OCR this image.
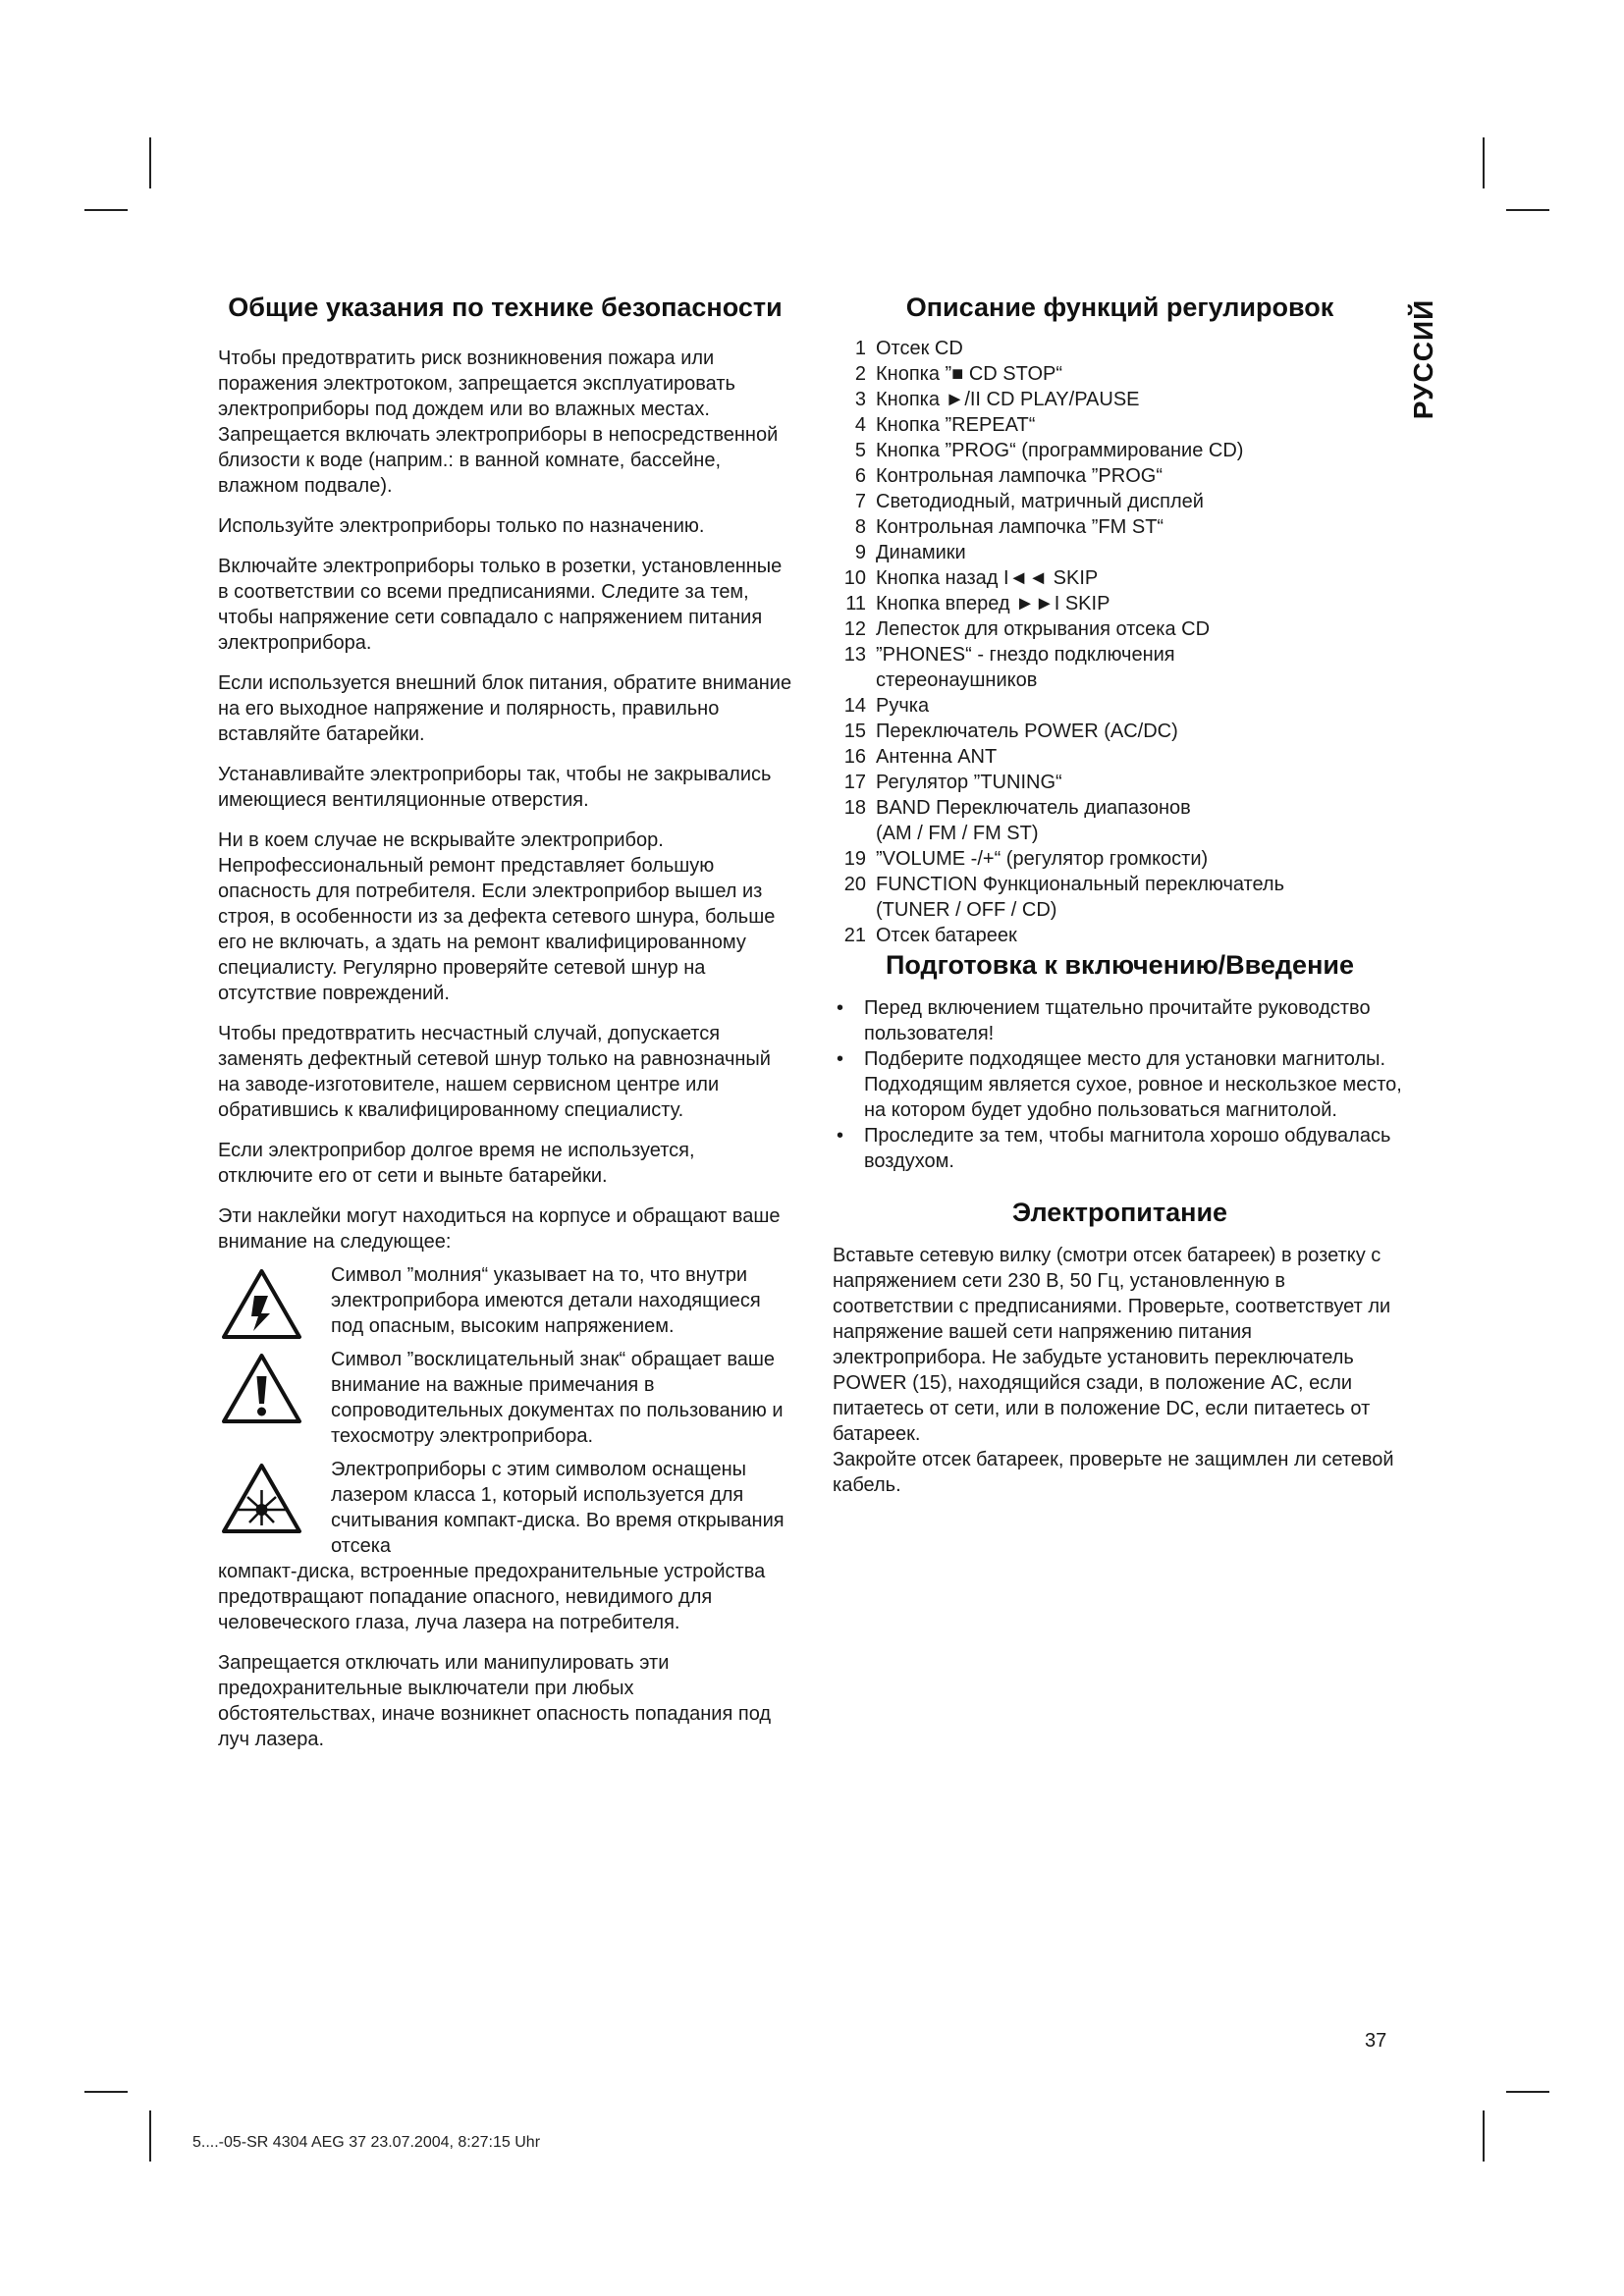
РУССИЙ
Общие указания по технике безопасности

Чтобы предотвратить риск возникновения пожара или поражения электротоком, запрещается эксплуатировать электроприборы под дождем или во влажных местах. Запрещается включать электроприборы в непосредственной близости к воде (наприм.: в ванной комнате, бассейне, влажном подвале).

Используйте электроприборы только по назначению.

Включайте электроприборы только в розетки, установленные в соответствии со всеми предписаниями. Следите за тем, чтобы напряжение сети совпадало с напряжением питания электроприбора.

Если используется внешний блок питания, обратите внимание на его выходное напряжение и полярность, правильно вставляйте батарейки.

Устанавливайте электроприборы так, чтобы не закрывались имеющиеся вентиляционные отверстия.

Ни в коем случае не вскрывайте электроприбор. Непрофессиональный ремонт представляет большую опасность для потребителя. Если электроприбор вышел из строя, в особенности из за дефекта сетевого шнура, больше его не включать, а здать на ремонт квалифицированному специалисту. Регулярно проверяйте сетевой шнур на отсутствие повреждений.

Чтобы предотвратить несчастный случай, допускается заменять дефектный сетевой шнур только на равнозначный на заводе-изготовителе, нашем сервисном центре или обратившись к квалифицированному специалисту.

Если электроприбор долгое время не используется, отключите его от сети и выньте батарейки.

Эти наклейки могут находиться на корпусе и обращают ваше внимание на следующее:

Символ ”молния“ указывает на то, что внутри электроприбора имеются детали находящиеся под опасным, высоким напряжением.
Символ ”восклицательный знак“ обращает ваше внимание на важные примечания в сопроводительных документах по пользованию и техосмотру электроприбора.
Электроприборы с этим символом оснащены лазером класса 1, который используется для считывания компакт-диска. Во время открывания отсека

компакт-диска, встроенные предохранительные устройства предотвращают попадание опасного, невидимого для человеческого глаза, луча лазера на потребителя.

Запрещается отключать или манипулировать эти предохранительные выключатели при любых обстоятельствах, иначе возникнет опасность попадания под луч лазера.

Описание функций регулировок
1 Отсек CD
2 Кнопка ”■ CD STOP“
3 Кнопка ►/II CD PLAY/PAUSE
4 Кнопка ”REPEAT“
5 Кнопка ”PROG“ (программирование CD)
6 Контрольная лампочка ”PROG“
7 Светодиодный, матричный дисплей
8 Контрольная лампочка ”FM ST“
9 Динамики
10 Кнопка назад I◄◄ SKIP
11 Кнопка вперед ►►I SKIP
12 Лепесток для открывания отсека CD
13 ”PHONES“ - гнездо подключения
стереонаушников
14 Ручка
15 Переключатель POWER (AC/DC)
16 Антенна ANT
17 Регулятор ”TUNING“
18 BAND Переключатель диапазонов
(AM / FM / FM ST)
19 ”VOLUME -/+“ (регулятор громкости)
20 FUNCTION Функциональный переключатель
(TUNER / OFF / CD)
21 Отсек батареек
Подготовка к включению/Введение
• Перед включением тщательно прочитайте руководство пользователя!
• Подберите подходящее место для установки магнитолы. Подходящим является сухое, ровное и нескользкое место, на котором будет удобно пользоваться магнитолой.
• Проследите за тем, чтобы магнитола хорошо обдувалась воздухом.
Электропитание

Вставьте сетевую вилку (смотри отсек батареек) в розетку с напряжением сети 230 В, 50 Гц, установленную в соответствии с предписаниями. Проверьте, соответствует ли напряжение вашей сети напряжению питания электроприбора. Не забудьте установить переключатель POWER (15), находящийся сзади, в положение AC, если питаетесь от сети, или в положение DC, если питаетесь от батареек.

Закройте отсек батареек, проверьте не защимлен ли сетевой кабель.

37
5....-05-SR 4304 AEG 37 23.07.2004, 8:27:15 Uhr
